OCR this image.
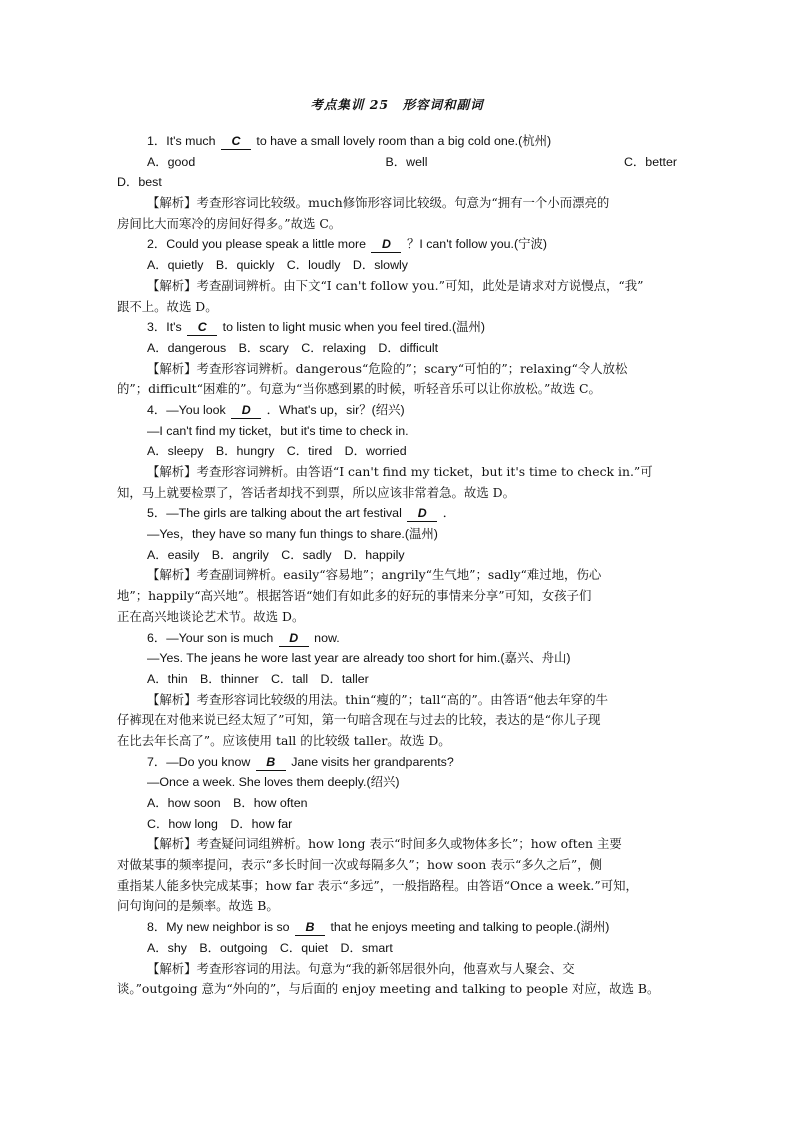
考点集训 25　形容词和副词
1．It's much C to have a small lovely room than a big cold one.(杭州)
A．good	B．well	C．better
D．best
【解析】考查形容词比较级。much修饰形容词比较级。句意为“拥有一个小而漂亮的
房间比大而寒冷的房间好得多。”故选 C。
2．Could you please speak a little more D ？I can't follow you.(宁波)
A．quietly　B．quickly　C．loudly　D．slowly
【解析】考查副词辨析。由下文“I can't follow you.”可知，此处是请求对方说慢点，“我”
跟不上。故选 D。
3．It's C to listen to light music when you feel tired.(温州)
A．dangerous　B．scary　C．relaxing　D．difficult
【解析】考查形容词辨析。dangerous“危险的”；scary“可怕的”；relaxing“令人放松
的”；difficult“困难的”。句意为“当你感到累的时候，听轻音乐可以让你放松。”故选 C。
4．—You look D ．What's up，sir？(绍兴)
—I can't find my ticket，but it's time to check in.
A．sleepy　B．hungry　C．tired　D．worried
【解析】考查形容词辨析。由答语“I can't find my ticket，but it's time to check in.”可
知，马上就要检票了，答话者却找不到票，所以应该非常着急。故选 D。
5．—The girls are talking about the art festival D ．
—Yes，they have so many fun things to share.(温州)
A．easily　B．angrily　C．sadly　D．happily
【解析】考查副词辨析。easily“容易地”；angrily“生气地”；sadly“难过地，伤心
地”；happily“高兴地”。根据答语“她们有如此多的好玩的事情来分享”可知，女孩子们
正在高兴地谈论艺术节。故选 D。
6．—Your son is much D now.
—Yes. The jeans he wore last year are already too short for him.(嘉兴、舟山)
A．thin　B．thinner　C．tall　D．taller
【解析】考查形容词比较级的用法。thin“瘦的”；tall“高的”。由答语“他去年穿的牛
仔裤现在对他来说已经太短了”可知，第一句暗含现在与过去的比较，表达的是“你儿子现
在比去年长高了”。应该使用 tall 的比较级 taller。故选 D。
7．—Do you know B Jane visits her grandparents?
—Once a week. She loves them deeply.(绍兴)
A．how soon　B．how often
C．how long　D．how far
【解析】考查疑问词组辨析。how long 表示“时间多久或物体多长”；how often 主要
对做某事的频率提问，表示“多长时间一次或每隔多久”；how soon 表示“多久之后”，侧
重指某人能多快完成某事；how far 表示“多远”，一般指路程。由答语“Once a week.”可知，
问句询问的是频率。故选 B。
8．My new neighbor is so B that he enjoys meeting and talking to people.(湖州)
A．shy　B．outgoing　C．quiet　D．smart
【解析】考查形容词的用法。句意为“我的新邻居很外向，他喜欢与人聚会、交
谈。”outgoing 意为“外向的”，与后面的 enjoy meeting and talking to people 对应，故选 B。
